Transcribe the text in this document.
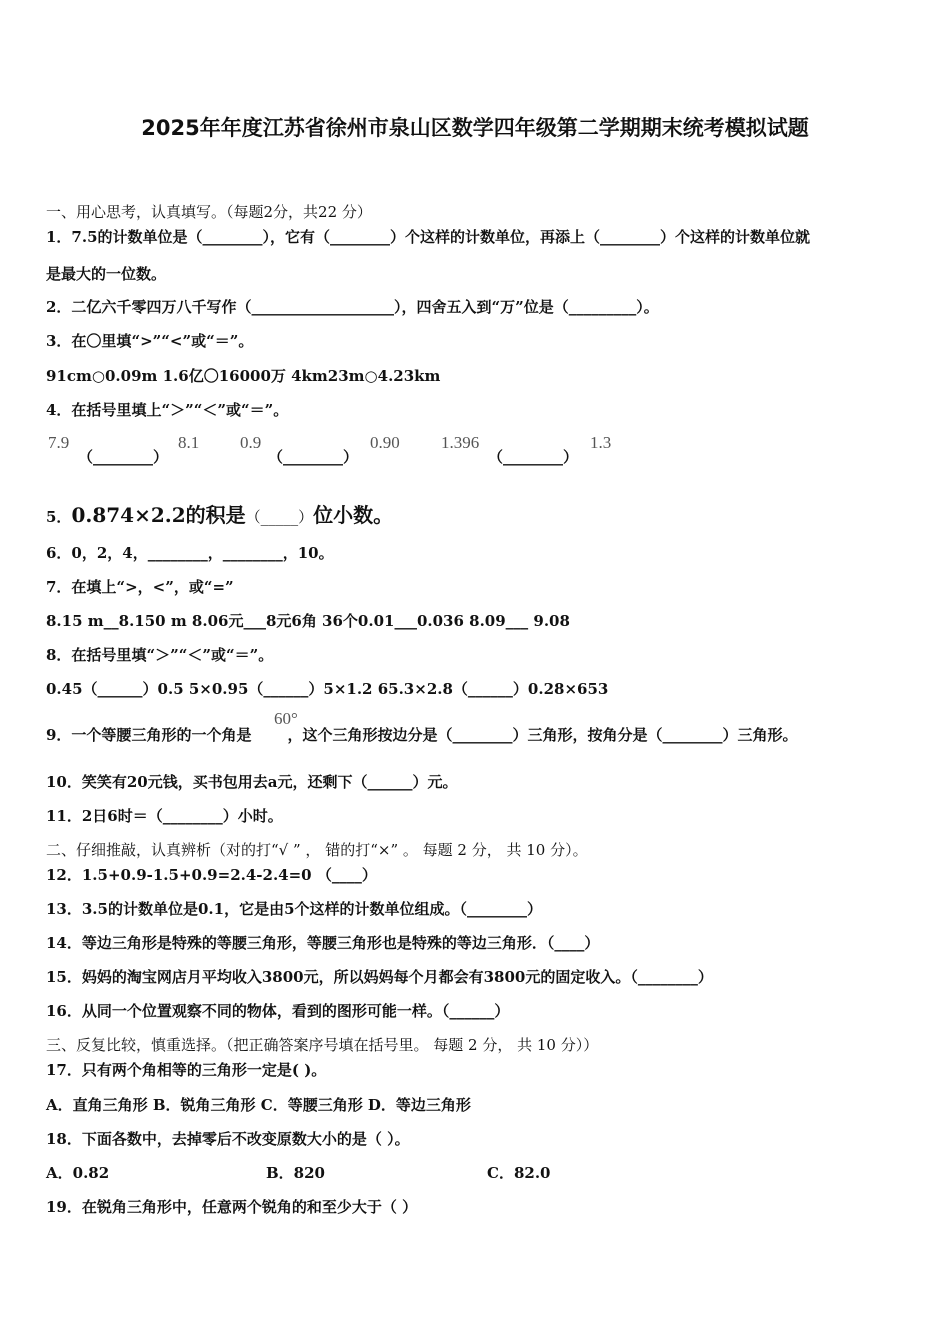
2025年年度江苏省徐州市泉山区数学四年级第二学期期末统考模拟试题
一、用心思考，认真填写。（每题2分，共22 分）
1．7.5的计数单位是（________），它有（________）个这样的计数单位，再添上（________）个这样的计数单位就
是最大的一位数。
2．二亿六千零四万八千写作（___________________），四舍五入到“万”位是（_________）。
3．在〇里填“>”“<”或“＝”。
91cm○0.09m 1.6亿〇16000万 4km23m○4.23km
4．在括号里填上“＞”“＜”或“＝”。
7.9
（________）
8.1 0.9
（________）
0.90 1.396
（________）
1.3
5．0.874×2.2的积是（_____）位小数。
6．0，2，4，________，________，10。
7．在填上“>，<”，或“=”
8.15 m__8.150 m 8.06元___8元6角 36个0.01___0.036 8.09___ 9.08
8．在括号里填“＞”“＜”或“＝”。
0.45（______）0.5 5×0.95（______）5×1.2 65.3×2.8（______）0.28×653
60°
9．一个等腰三角形的一个角是 ，这个三角形按边分是（________）三角形，按角分是（________）三角形。
10．笑笑有20元钱，买书包用去a元，还剩下（______）元。
11．2日6时＝（________）小时。
二、仔细推敲，认真辨析（对的打“√ ” ， 错的打“×” 。 每题 2 分， 共 10 分）。
12．1.5+0.9-1.5+0.9=2.4-2.4=0 （____）
13．3.5的计数单位是0.1，它是由5个这样的计数单位组成。（________）
14．等边三角形是特殊的等腰三角形，等腰三角形也是特殊的等边三角形．（____）
15．妈妈的淘宝网店月平均收入3800元，所以妈妈每个月都会有3800元的固定收入。（________）
16．从同一个位置观察不同的物体，看到的图形可能一样。（______）
三、反复比较，慎重选择。（把正确答案序号填在括号里。 每题 2 分， 共 10 分））
17．只有两个角相等的三角形一定是( )。
A．直角三角形 B．锐角三角形 C．等腰三角形 D．等边三角形
18．下面各数中，去掉零后不改变原数大小的是（ ）。
A．0.82	B．820	C．82.0
19．在锐角三角形中，任意两个锐角的和至少大于（ ）
